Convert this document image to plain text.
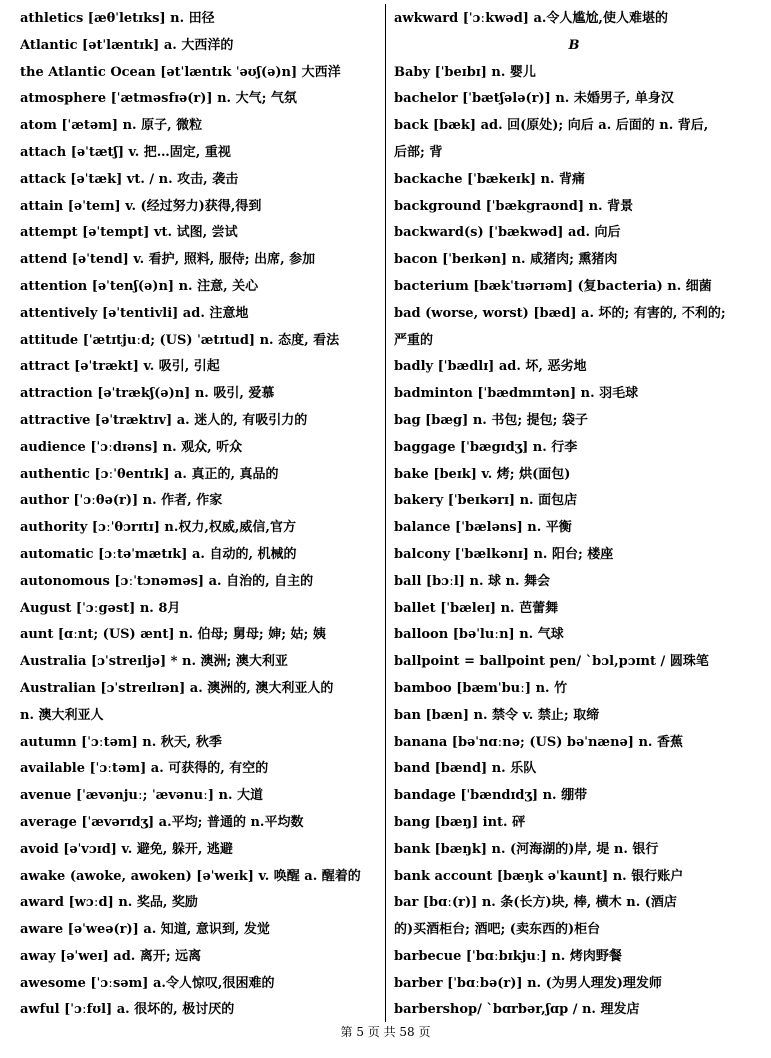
athletics [æθˈletɪks] n. 田径
Atlantic [ətˈlæntɪk] a. 大西洋的
the Atlantic Ocean [ətˈlæntɪk ˈəʊʃ(ə)n] 大西洋
atmosphere [ˈætməsfɪə(r)] n. 大气; 气氛
atom [ˈætəm] n. 原子, 微粒
attach [əˈtætʃ] v. 把…固定, 重视
attack [əˈtæk] vt. / n. 攻击, 袭击
attain [əˈteɪn] v. (经过努力)获得,得到
attempt [əˈtempt] vt. 试图, 尝试
attend [əˈtend] v. 看护, 照料, 服侍; 出席, 参加
attention [əˈtenʃ(ə)n] n. 注意, 关心
attentively [əˈtentivli] ad. 注意地
attitude [ˈætɪtjuːd; (US) ˈætɪtud] n. 态度, 看法
attract [əˈtrækt] v. 吸引, 引起
attraction [əˈtrækʃ(ə)n] n. 吸引, 爱慕
attractive [əˈtræktɪv] a. 迷人的, 有吸引力的
audience [ˈɔːdɪəns] n. 观众, 听众
authentic [ɔːˈθentɪk] a. 真正的, 真品的
author [ˈɔːθə(r)] n. 作者, 作家
authority [ɔːˈθɔrɪtɪ] n.权力,权威,威信,官方
automatic [ɔːtəˈmætɪk] a. 自动的, 机械的
autonomous [ɔːˈtɔnəməs] a. 自治的, 自主的
August [ˈɔːgəst] n. 8月
aunt [ɑːnt; (US) ænt] n. 伯母; 舅母; 婶; 姑; 姨
Australia [ɔˈstreɪljə] * n. 澳洲; 澳大利亚
Australian [ɔˈstreɪlɪən] a. 澳洲的, 澳大利亚人的
n. 澳大利亚人
autumn [ˈɔːtəm] n. 秋天, 秋季
available [ˈɔːtəm] a. 可获得的, 有空的
avenue [ˈævənjuː; ˈævənuː] n. 大道
average [ˈævərɪdʒ] a.平均; 普通的 n.平均数
avoid [əˈvɔɪd] v. 避免, 躲开, 逃避
awake (awoke, awoken) [əˈweɪk] v. 唤醒 a. 醒着的
award [wɔːd] n. 奖品, 奖励
aware [əˈweə(r)] a. 知道, 意识到, 发觉
away [əˈweɪ] ad. 离开; 远离
awesome [ˈɔːsəm] a.令人惊叹,很困难的
awful [ˈɔːfʊl] a. 很坏的, 极讨厌的
awkward [ˈɔːkwəd] a.令人尴尬,使人难堪的
B
Baby [ˈbeɪbɪ] n. 婴儿
bachelor [ˈbætʃələ(r)] n. 未婚男子, 单身汉
back [bæk] ad. 回(原处); 向后 a. 后面的 n. 背后,
后部; 背
backache [ˈbækeɪk] n. 背痛
background [ˈbækgraʊnd] n. 背景
backward(s) [ˈbækwəd] ad. 向后
bacon [ˈbeɪkən] n. 咸猪肉; 熏猪肉
bacterium [bækˈtɪərɪəm] (复bacteria) n. 细菌
bad (worse, worst) [bæd] a. 坏的; 有害的, 不利的;
严重的
badly [ˈbædlɪ] ad. 坏, 恶劣地
badminton [ˈbædmɪntən] n. 羽毛球
bag [bæg] n. 书包; 提包; 袋子
baggage [ˈbægɪdʒ] n. 行李
bake [beɪk] v. 烤; 烘(面包)
bakery [ˈbeɪkərɪ] n. 面包店
balance [ˈbæləns] n. 平衡
balcony [ˈbælkənɪ] n. 阳台; 楼座
ball [bɔːl] n. 球 n. 舞会
ballet [ˈbæleɪ] n. 芭蕾舞
balloon [bəˈluːn] n. 气球
ballpoint = ballpoint pen/ ˋbɔl,pɔɪnt / 圆珠笔
bamboo [bæmˈbuː] n. 竹
ban [bæn] n. 禁令 v. 禁止; 取缔
banana [bəˈnɑːnə; (US) bəˈnænə] n. 香蕉
band [bænd] n. 乐队
bandage [ˈbændɪdʒ] n. 绷带
bang [bæŋ] int. 砰
bank [bæŋk] n. (河海湖的)岸, 堤 n. 银行
bank account [bæŋk əˈkaunt] n. 银行账户
bar [bɑː(r)] n. 条(长方)块, 棒, 横木 n. (酒店
的)买酒柜台; 酒吧; (卖东西的)柜台
barbecue [ˈbɑːbɪkjuː] n. 烤肉野餐
barber [ˈbɑːbə(r)] n. (为男人理发)理发师
barbershop/ ˋbɑrbər,ʃɑp / n. 理发店
第 5 页 共 58 页
